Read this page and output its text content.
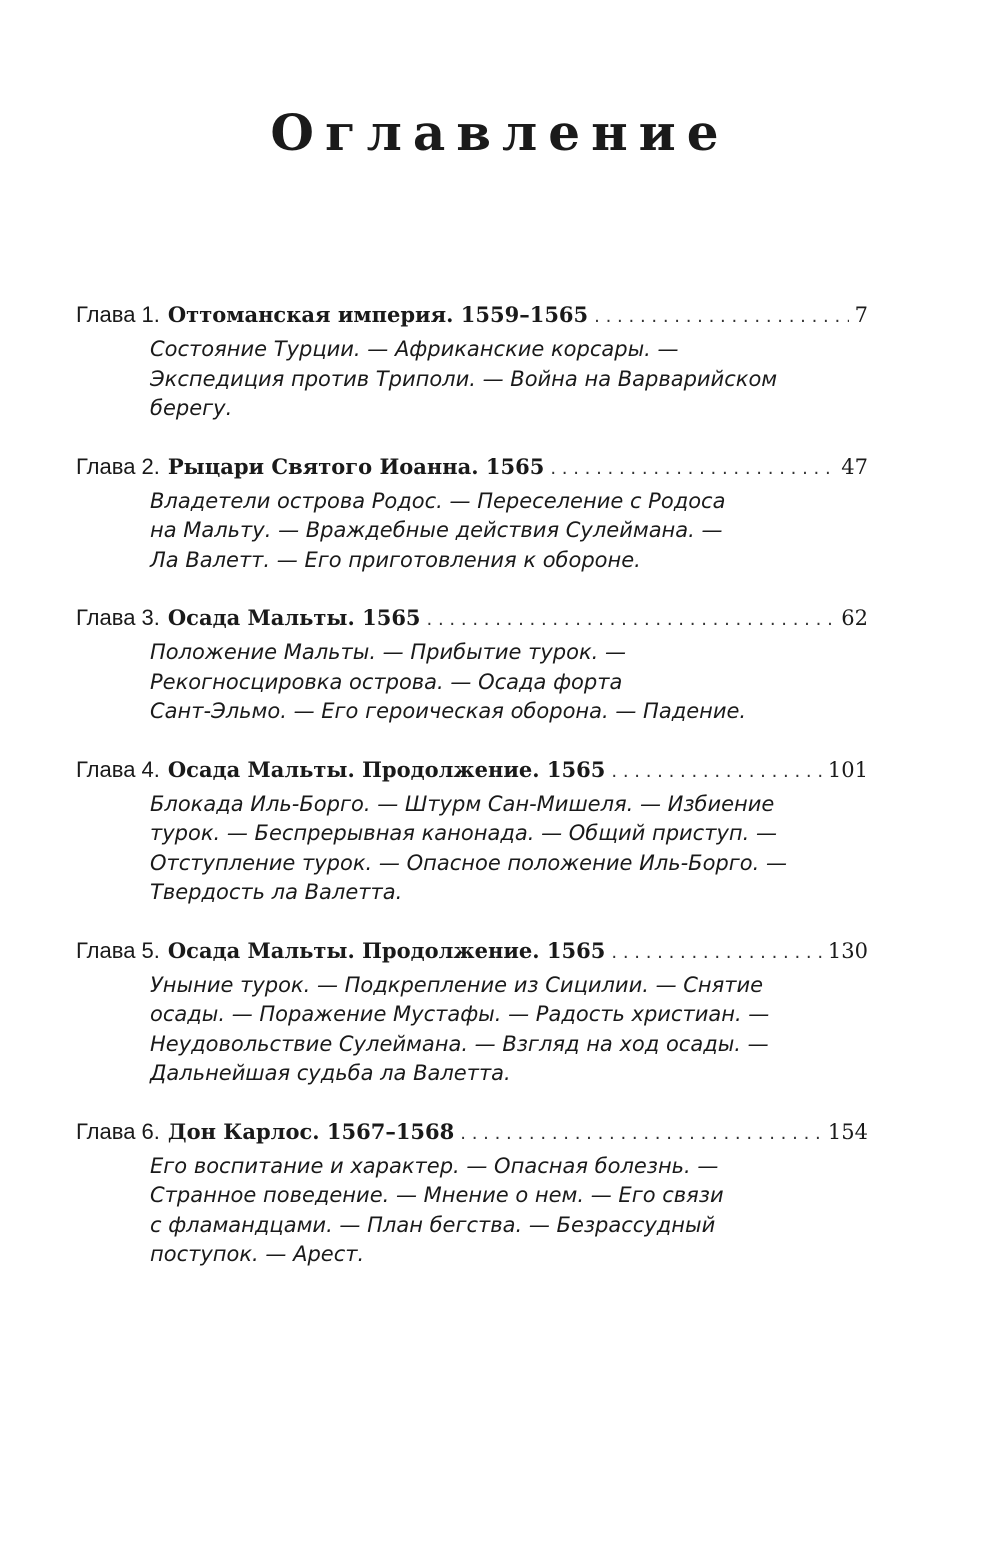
Оглавление
Глава 1. Оттоманская империя. 1559–1565 . . .	7
Состояние Турции. — Африканские корсары. —
Экспедиция против Триполи. — Война на Варварийском
берегу.
Глава 2. Рыцари Святого Иоанна. 1565 . . .	47
Владетели острова Родос. — Переселение с Родоса
на Мальту. — Враждебные действия Сулеймана. —
Ла Валетт. — Его приготовления к обороне.
Глава 3. Осада Мальты. 1565 . . .	62
Положение Мальты. — Прибытие турок. —
Рекогносцировка острова. — Осада форта
Сант-Эльмо. — Его героическая оборона. — Падение.
Глава 4. Осада Мальты. Продолжение. 1565 . . .	101
Блокада Иль-Борго. — Штурм Сан-Мишеля. — Избиение
турок. — Беспрерывная канонада. — Общий приступ. —
Отступление турок. — Опасное положение Иль-Борго. —
Твердость ла Валетта.
Глава 5. Осада Мальты. Продолжение. 1565 . . .	130
Уныние турок. — Подкрепление из Сицилии. — Снятие
осады. — Поражение Мустафы. — Радость христиан. —
Неудовольствие Сулеймана. — Взгляд на ход осады. —
Дальнейшая судьба ла Валетта.
Глава 6. Дон Карлос. 1567–1568 . . .	154
Его воспитание и характер. — Опасная болезнь. —
Странное поведение. — Мнение о нем. — Его связи
с фламандцами. — План бегства. — Безрассудный
поступок. — Арест.
